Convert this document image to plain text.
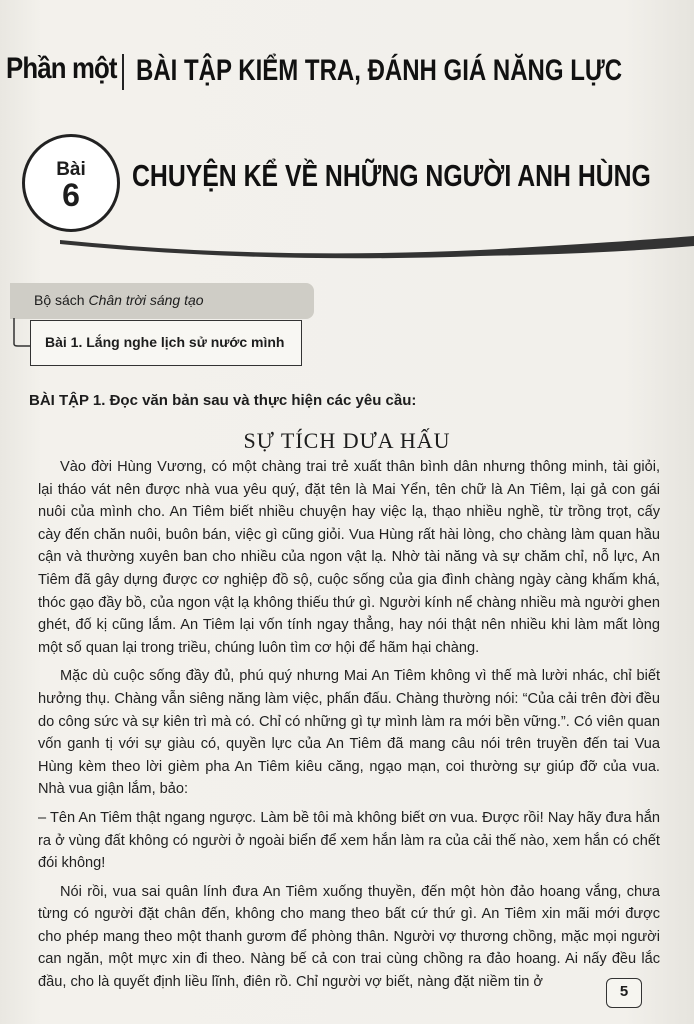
Phần một BÀI TẬP KIỂM TRA, ĐÁNH GIÁ NĂNG LỰC
Bài
6
CHUYỆN KỂ VỀ NHỮNG NGƯỜI ANH HÙNG
Bộ sách Chân trời sáng tạo
Bài 1. Lắng nghe lịch sử nước mình
BÀI TẬP 1. Đọc văn bản sau và thực hiện các yêu cầu:
SỰ TÍCH DƯA HẤU

Vào đời Hùng Vương, có một chàng trai trẻ xuất thân bình dân nhưng thông minh, tài giỏi, lại tháo vát nên được nhà vua yêu quý, đặt tên là Mai Yển, tên chữ là An Tiêm, lại gả con gái nuôi của mình cho. An Tiêm biết nhiều chuyện hay việc lạ, thạo nhiều nghề, từ trồng trọt, cấy cày đến chăn nuôi, buôn bán, việc gì cũng giỏi. Vua Hùng rất hài lòng, cho chàng làm quan hầu cận và thường xuyên ban cho nhiều của ngon vật lạ. Nhờ tài năng và sự chăm chỉ, nỗ lực, An Tiêm đã gây dựng được cơ nghiệp đồ sộ, cuộc sống của gia đình chàng ngày càng khấm khá, thóc gạo đầy bồ, của ngon vật lạ không thiếu thứ gì. Người kính nể chàng nhiều mà người ghen ghét, đố kị cũng lắm. An Tiêm lại vốn tính ngay thẳng, hay nói thật nên nhiều khi làm mất lòng một số quan lại trong triều, chúng luôn tìm cơ hội để hãm hại chàng.

Mặc dù cuộc sống đầy đủ, phú quý nhưng Mai An Tiêm không vì thế mà lười nhác, chỉ biết hưởng thụ. Chàng vẫn siêng năng làm việc, phấn đấu. Chàng thường nói: “Của cải trên đời đều do công sức và sự kiên trì mà có. Chỉ có những gì tự mình làm ra mới bền vững.”. Có viên quan vốn ganh tị với sự giàu có, quyền lực của An Tiêm đã mang câu nói trên truyền đến tai Vua Hùng kèm theo lời gièm pha An Tiêm kiêu căng, ngạo mạn, coi thường sự giúp đỡ của vua. Nhà vua giận lắm, bảo:

– Tên An Tiêm thật ngang ngược. Làm bề tôi mà không biết ơn vua. Được rồi! Nay hãy đưa hắn ra ở vùng đất không có người ở ngoài biển để xem hắn làm ra của cải thế nào, xem hắn có chết đói không!

Nói rồi, vua sai quân lính đưa An Tiêm xuống thuyền, đến một hòn đảo hoang vắng, chưa từng có người đặt chân đến, không cho mang theo bất cứ thứ gì. An Tiêm xin mãi mới được cho phép mang theo một thanh gươm để phòng thân. Người vợ thương chồng, mặc mọi người can ngăn, một mực xin đi theo. Nàng bế cả con trai cùng chồng ra đảo hoang. Ai nấy đều lắc đầu, cho là quyết định liều lĩnh, điên rồ. Chỉ người vợ biết, nàng đặt niềm tin ở

5
